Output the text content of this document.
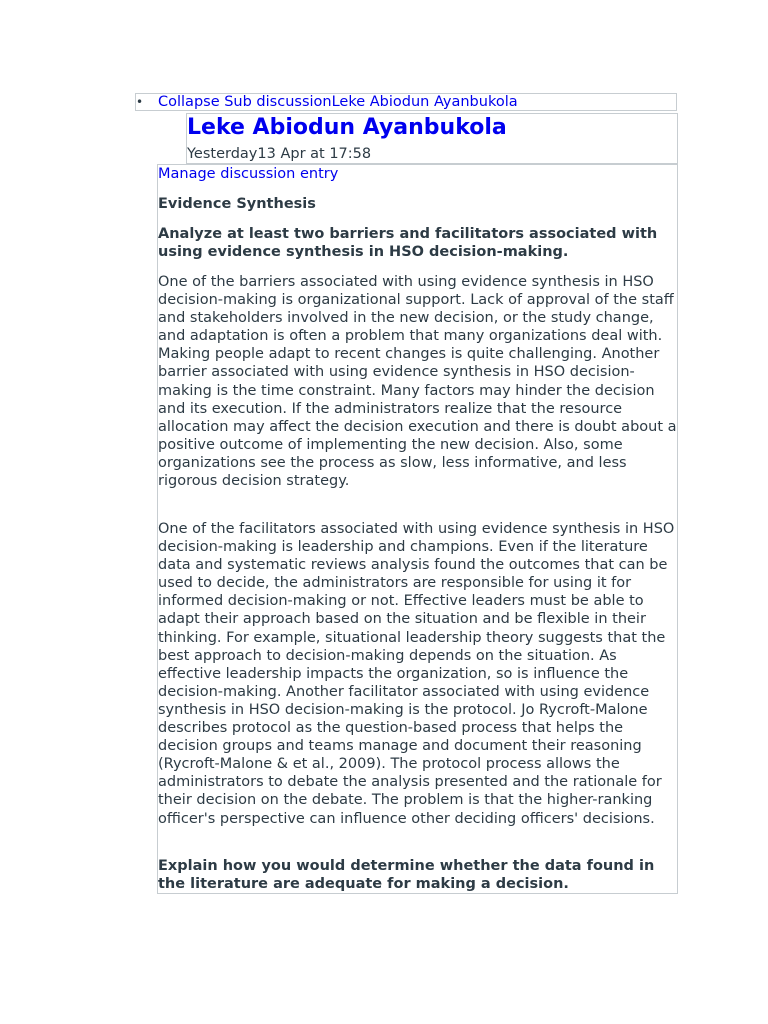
• Collapse Sub discussionLeke Abiodun Ayanbukola
Leke Abiodun Ayanbukola
Yesterday13 Apr at 17:58
Manage discussion entry

Evidence Synthesis

Analyze at least two barriers and facilitators associated with using evidence synthesis in HSO decision-making.

One of the barriers associated with using evidence synthesis in HSO decision-making is organizational support. Lack of approval of the staff and stakeholders involved in the new decision, or the study change, and adaptation is often a problem that many organizations deal with. Making people adapt to recent changes is quite challenging. Another barrier associated with using evidence synthesis in HSO decision-making is the time constraint. Many factors may hinder the decision and its execution. If the administrators realize that the resource allocation may affect the decision execution and there is doubt about a positive outcome of implementing the new decision. Also, some organizations see the process as slow, less informative, and less rigorous decision strategy.

One of the facilitators associated with using evidence synthesis in HSO decision-making is leadership and champions. Even if the literature data and systematic reviews analysis found the outcomes that can be used to decide, the administrators are responsible for using it for informed decision-making or not. Effective leaders must be able to adapt their approach based on the situation and be flexible in their thinking. For example, situational leadership theory suggests that the best approach to decision-making depends on the situation. As effective leadership impacts the organization, so is influence the decision-making. Another facilitator associated with using evidence synthesis in HSO decision-making is the protocol. Jo Rycroft-Malone describes protocol as the question-based process that helps the decision groups and teams manage and document their reasoning (Rycroft-Malone & et al., 2009). The protocol process allows the administrators to debate the analysis presented and the rationale for their decision on the debate. The problem is that the higher-ranking officer's perspective can influence other deciding officers' decisions.

Explain how you would determine whether the data found in the literature are adequate for making a decision.
